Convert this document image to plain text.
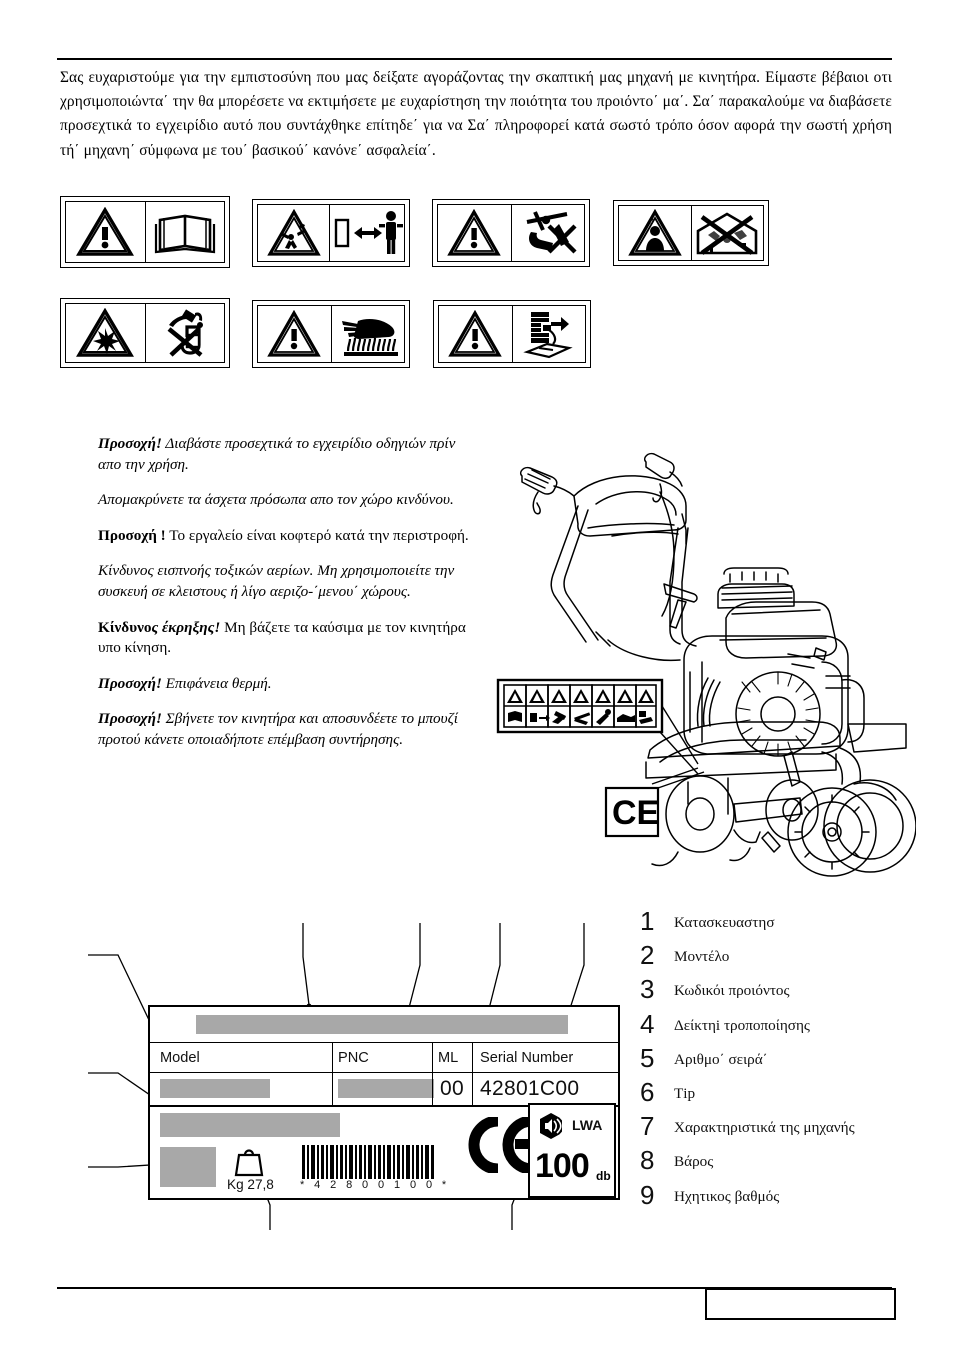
Σας ευχαριστούμε για την εμπιστοσύνη που μας δείξατε αγοράζοντας την σκαπτική μας μηχανή με κινητήρα. Είμαστε βέβαιοι οτι χρησιμοποιώντα΄ την θα μπορέσετε να εκτιμήσετε με ευχαρίστηση την ποιότητα του προιόντο΄ μα΄. Σα΄ παρακαλούμε να διαβάσετε προσεχτικά το εγχειρίδιο αυτό που συντάχθηκε επίτηδε΄ για να Σα΄ πληροφορεί κατά σωστό τρόπο όσον αφορά την σωστή χρήση τή΄ μηχανη΄ σύμφωνα με του΄ βασικού΄ κανόνε΄ ασφαλεία΄.

Προσοχή! Διαβάστε προσεχτικά το εγχειρίδιο οδηγιών πρίν απο την χρήση.

Απομακρύνετε τα άσχετα πρόσωπα απο τον χώρο κινδύνου.

Προσοχή ! Το εργαλείο είναι κοφτερό κατά την περιστροφή.

Κίνδυνος εισπνοής τοξικών αερίων. Μη χρησιμοποιείτε την συσκευή σε κλειστους ή λίγο αεριζο-΄μενου΄ χώρους.

Κίνδυνος έκρηξης! Μη βάζετε τα καύσιμα με τον κινητήρα υπο κίνηση.

Προσοχή! Επιφάνεια θερμή.

Προσοχή! Σβήνετε τον κινητήρα και αποσυνδέετε το μπουζί προτού κάνετε οποιαδήποτε επέμβαση συντήρησης.

CE
Model	PNC	ML Serial Number
00 42801C00
Kg 27,8 * 4 2 8 0 0 1 0 0 *
LWA
100 db
1 Κατασκευαστησ
2 Μοντέλο
3 Κωδικόι προιόντος
4 Δείκτηi τροποποίησης
5 Αριθμο΄ σειρά΄
6 Τip
7 Χαρακτηριστικά της μηχανής
8 Βάρος
9 Ηχητικος βαθμός
